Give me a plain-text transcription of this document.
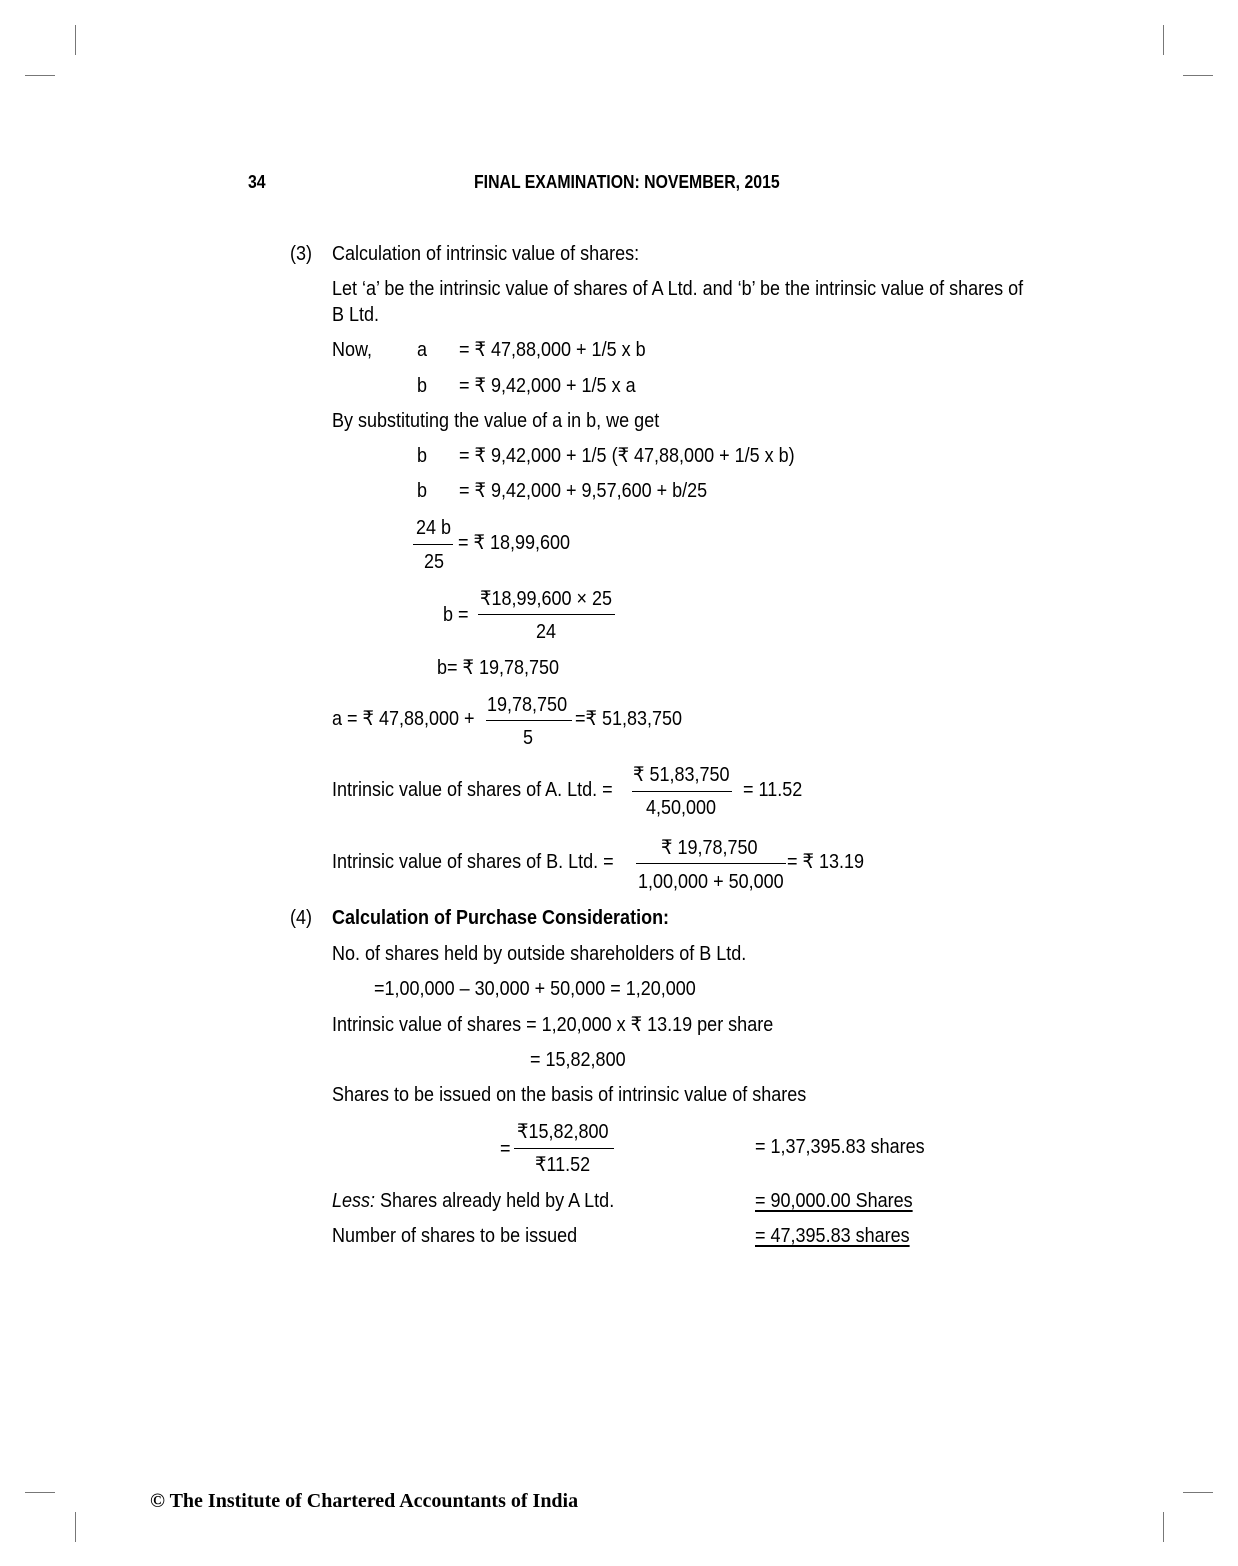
34	FINAL EXAMINATION: NOVEMBER, 2015
(3) Calculation of intrinsic value of shares:
Let ‘a’ be the intrinsic value of shares of A Ltd. and ‘b’ be the intrinsic value of shares of B Ltd.
Now, a = ₹ 47,88,000 + 1/5 x b
b = ₹ 9,42,000 + 1/5 x a
By substituting the value of a in b, we get
b = ₹ 9,42,000 + 1/5 (₹ 47,88,000 + 1/5 x b)
b = ₹ 9,42,000 + 9,57,600 + b/25
24 b
25
= ₹ 18,99,600
b =
₹18,99,600 × 25
24
b= ₹ 19,78,750
a = ₹ 47,88,000 +
19,78,750
5
=₹ 51,83,750
Intrinsic value of shares of A. Ltd. =
₹ 51,83,750
4,50,000
= 11.52
Intrinsic value of shares of B. Ltd. =
₹ 19,78,750
1,00,000 + 50,000
= ₹ 13.19
(4) Calculation of Purchase Consideration:
No. of shares held by outside shareholders of B Ltd.
=1,00,000 – 30,000 + 50,000 = 1,20,000
Intrinsic value of shares = 1,20,000 x ₹ 13.19 per share
= 15,82,800
Shares to be issued on the basis of intrinsic value of shares
=
₹15,82,800
₹11.52
= 1,37,395.83 shares
Less: Shares already held by A Ltd.	= 90,000.00 Shares
Number of shares to be issued	= 47,395.83 shares
© The Institute of Chartered Accountants of India
